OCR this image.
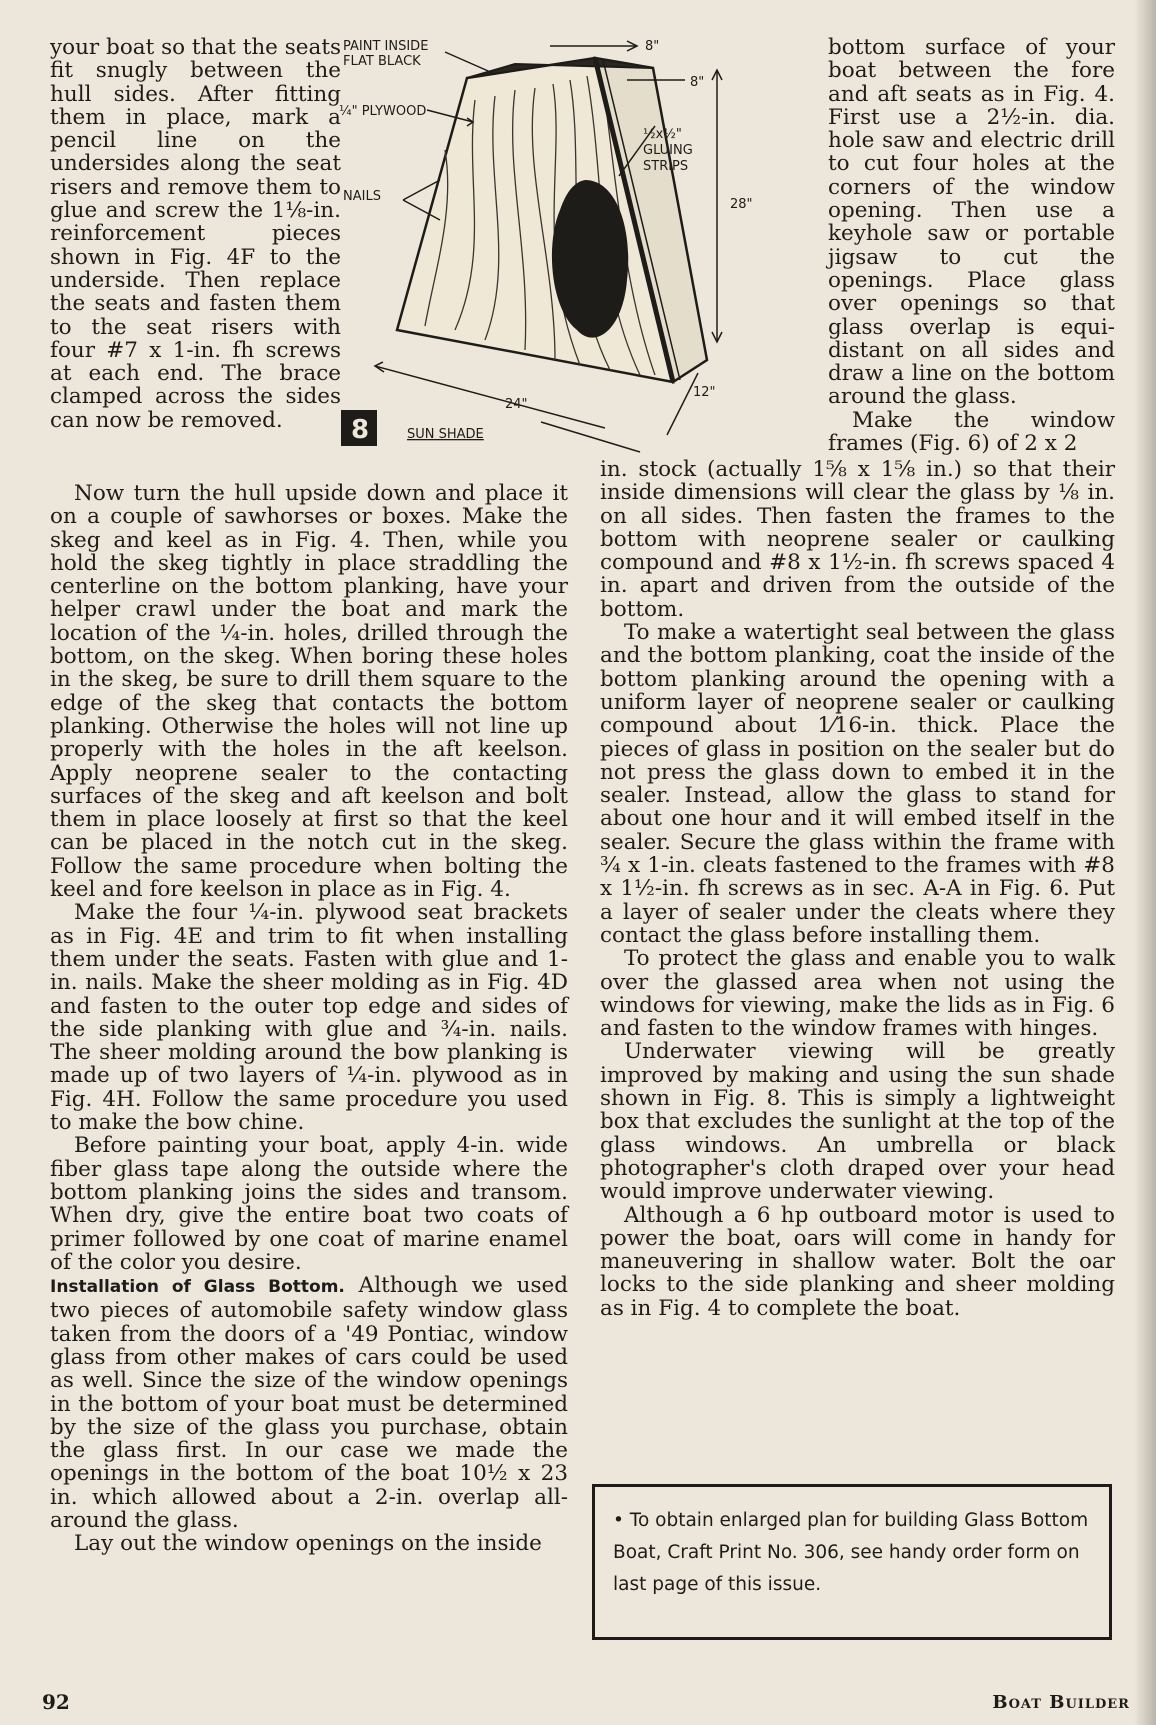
your boat so that the seats fit snugly between the hull sides. After fitting them in place, mark a pencil line on the undersides along the seat risers and remove them to glue and screw the 1⅛-in. reinforcement pieces shown in Fig. 4F to the underside. Then replace the seats and fasten them to the seat risers with four #7 x 1-in. fh screws at each end. The brace clamped across the sides can now be removed.

PAINT INSIDE
FLAT BLACK
¼" PLYWOOD
NAILS
½x½"
GLUING
STRIPS
8"
8"
28"
12"
24"
8	SUN SHADE

Now turn the hull upside down and place it on a couple of sawhorses or boxes. Make the skeg and keel as in Fig. 4. Then, while you hold the skeg tightly in place straddling the centerline on the bottom planking, have your helper crawl under the boat and mark the location of the ¼-in. holes, drilled through the bottom, on the skeg. When boring these holes in the skeg, be sure to drill them square to the edge of the skeg that contacts the bottom planking. Otherwise the holes will not line up properly with the holes in the aft keelson. Apply neoprene sealer to the contacting surfaces of the skeg and aft keelson and bolt them in place loosely at first so that the keel can be placed in the notch cut in the skeg. Follow the same procedure when bolting the keel and fore keelson in place as in Fig. 4.

Make the four ¼-in. plywood seat brackets as in Fig. 4E and trim to fit when installing them under the seats. Fasten with glue and 1-in. nails. Make the sheer molding as in Fig. 4D and fasten to the outer top edge and sides of the side planking with glue and ¾-in. nails. The sheer molding around the bow planking is made up of two layers of ¼-in. plywood as in Fig. 4H. Follow the same procedure you used to make the bow chine.

Before painting your boat, apply 4-in. wide fiber glass tape along the outside where the bottom planking joins the sides and transom. When dry, give the entire boat two coats of primer followed by one coat of marine enamel of the color you desire.

Installation of Glass Bottom. Although we used two pieces of automobile safety window glass taken from the doors of a '49 Pontiac, window glass from other makes of cars could be used as well. Since the size of the window openings in the bottom of your boat must be determined by the size of the glass you purchase, obtain the glass first. In our case we made the openings in the bottom of the boat 10½ x 23 in. which allowed about a 2-in. overlap all-around the glass.

Lay out the window openings on the inside

bottom surface of your boat between the fore and aft seats as in Fig. 4. First use a 2½-in. dia. hole saw and electric drill to cut four holes at the corners of the window opening. Then use a keyhole saw or portable jigsaw to cut the openings. Place glass over openings so that glass overlap is equi-distant on all sides and draw a line on the bottom around the glass.

Make the window frames (Fig. 6) of 2 x 2

in. stock (actually 1⅝ x 1⅝ in.) so that their inside dimensions will clear the glass by ⅛ in. on all sides. Then fasten the frames to the bottom with neoprene sealer or caulking compound and #8 x 1½-in. fh screws spaced 4 in. apart and driven from the outside of the bottom.

To make a watertight seal between the glass and the bottom planking, coat the inside of the bottom planking around the opening with a uniform layer of neoprene sealer or caulking compound about 1⁄16-in. thick. Place the pieces of glass in position on the sealer but do not press the glass down to embed it in the sealer. Instead, allow the glass to stand for about one hour and it will embed itself in the sealer. Secure the glass within the frame with ¾ x 1-in. cleats fastened to the frames with #8 x 1½-in. fh screws as in sec. A-A in Fig. 6. Put a layer of sealer under the cleats where they contact the glass before installing them.

To protect the glass and enable you to walk over the glassed area when not using the windows for viewing, make the lids as in Fig. 6 and fasten to the window frames with hinges.

Underwater viewing will be greatly improved by making and using the sun shade shown in Fig. 8. This is simply a lightweight box that excludes the sunlight at the top of the glass windows. An umbrella or black photographer's cloth draped over your head would improve underwater viewing.

Although a 6 hp outboard motor is used to power the boat, oars will come in handy for maneuvering in shallow water. Bolt the oar locks to the side planking and sheer molding as in Fig. 4 to complete the boat.

• To obtain enlarged plan for building Glass Bottom Boat, Craft Print No. 306, see handy order form on last page of this issue.
92	Boat Builder
